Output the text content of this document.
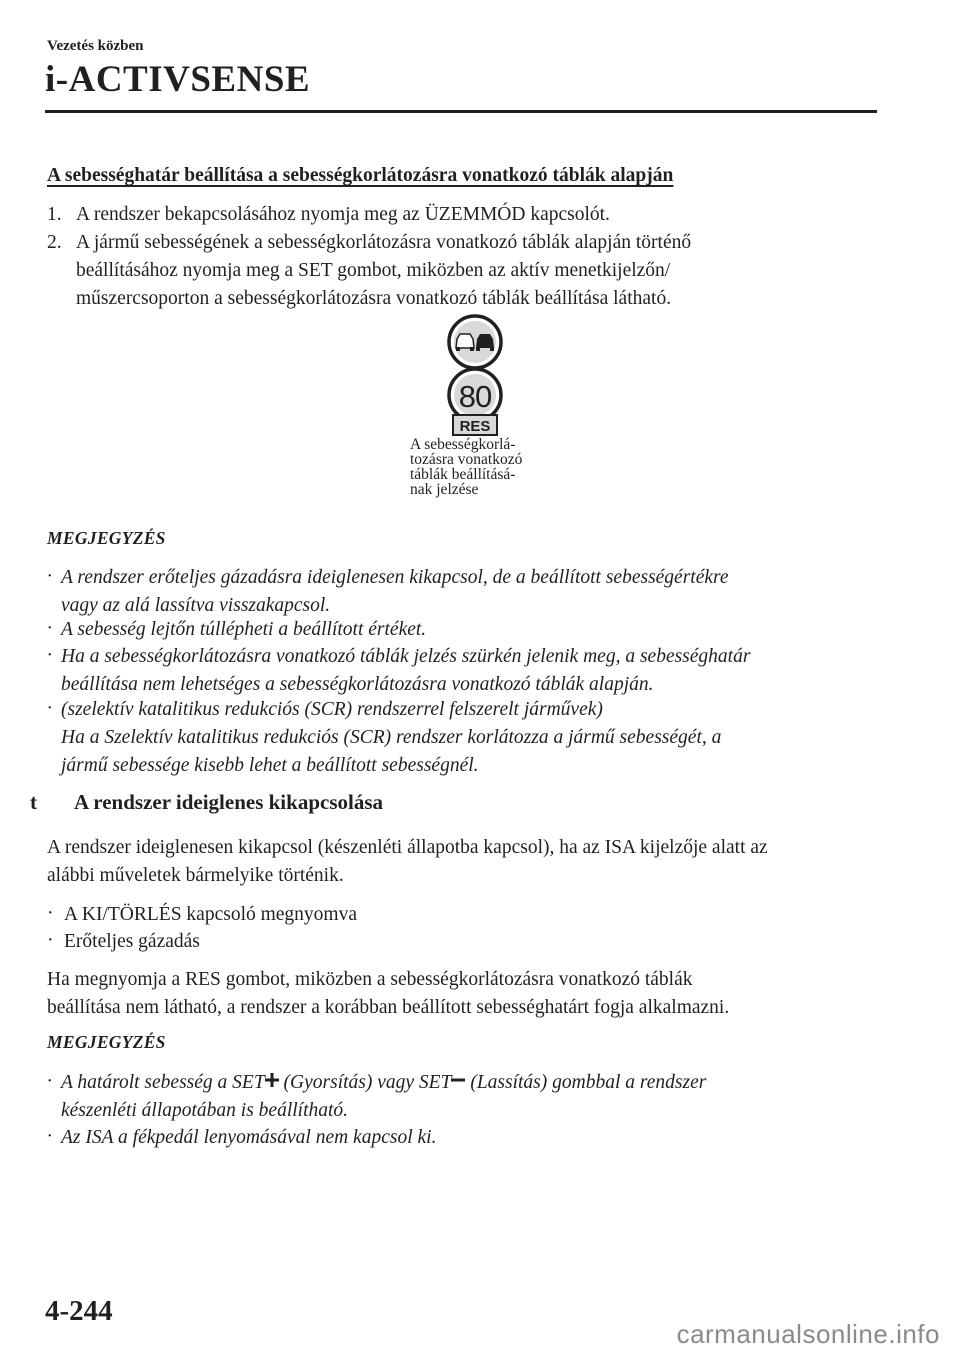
Vezetés közben
i-ACTIVSENSE
A sebességhatár beállítása a sebességkorlátozásra vonatkozó táblák alapján
1. A rendszer bekapcsolásához nyomja meg az ÜZEMMÓD kapcsolót.
2. A jármű sebességének a sebességkorlátozásra vonatkozó táblák alapján történő
beállításához nyomja meg a SET gombot, miközben az aktív menetkijelzőn/
műszercsoporton a sebességkorlátozásra vonatkozó táblák beállítása látható.
80
RES
A sebességkorlá-
tozásra vonatkozó
táblák beállításá-
nak jelzése
MEGJEGYZÉS
· A rendszer erőteljes gázadásra ideiglenesen kikapcsol, de a beállított sebességértékre
vagy az alá lassítva visszakapcsol.
· A sebesség lejtőn túllépheti a beállított értéket.
· Ha a sebességkorlátozásra vonatkozó táblák jelzés szürkén jelenik meg, a sebességhatár
beállítása nem lehetséges a sebességkorlátozásra vonatkozó táblák alapján.
· (szelektív katalitikus redukciós (SCR) rendszerrel felszerelt járművek)
Ha a Szelektív katalitikus redukciós (SCR) rendszer korlátozza a jármű sebességét, a
jármű sebessége kisebb lehet a beállított sebességnél.
t A rendszer ideiglenes kikapcsolása
A rendszer ideiglenesen kikapcsol (készenléti állapotba kapcsol), ha az ISA kijelzője alatt az
alábbi műveletek bármelyike történik.
· A KI/TÖRLÉS kapcsoló megnyomva
· Erőteljes gázadás
Ha megnyomja a RES gombot, miközben a sebességkorlátozásra vonatkozó táblák
beállítása nem látható, a rendszer a korábban beállított sebességhatárt fogja alkalmazni.
MEGJEGYZÉS
· A határolt sebesség a SET (Gyorsítás) vagy SET (Lassítás) gombbal a rendszer
készenléti állapotában is beállítható.
· Az ISA a fékpedál lenyomásával nem kapcsol ki.
4-244
carmanualsonline.info
